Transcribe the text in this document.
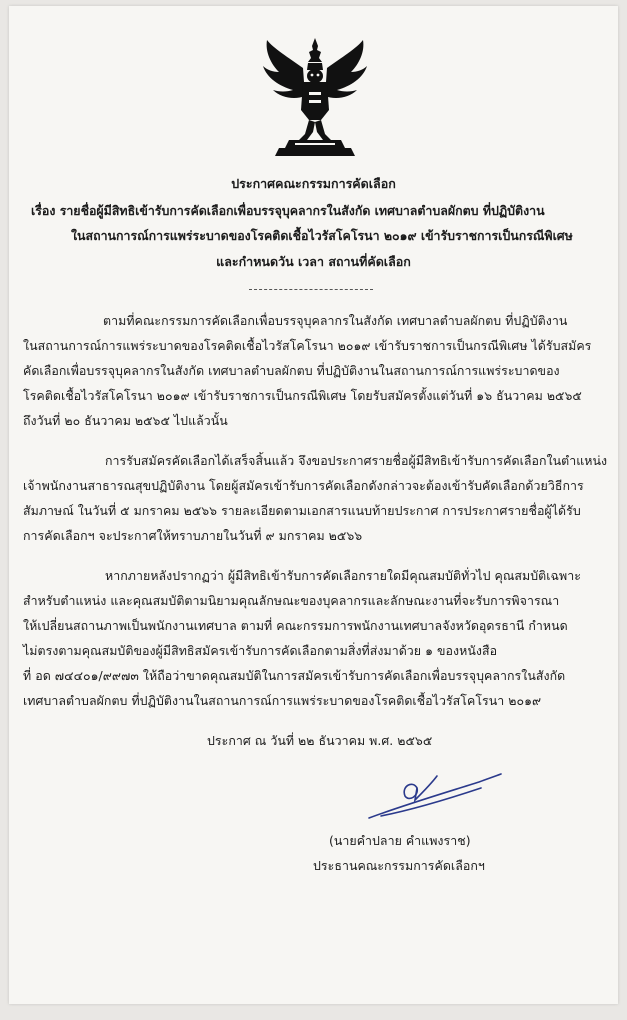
ประกาศคณะกรรมการคัดเลือก
เรื่อง รายชื่อผู้มีสิทธิเข้ารับการคัดเลือกเพื่อบรรจุบุคลากรในสังกัด เทศบาลตำบลผักตบ ที่ปฏิบัติงาน
ในสถานการณ์การแพร่ระบาดของโรคติดเชื้อไวรัสโคโรนา ๒๐๑๙ เข้ารับราชการเป็นกรณีพิเศษ
และกำหนดวัน เวลา สถานที่คัดเลือก
ตามที่คณะกรรมการคัดเลือกเพื่อบรรจุบุคลากรในสังกัด เทศบาลตำบลผักตบ ที่ปฏิบัติงาน
ในสถานการณ์การแพร่ระบาดของโรคติดเชื้อไวรัสโคโรนา ๒๐๑๙ เข้ารับราชการเป็นกรณีพิเศษ ได้รับสมัคร
คัดเลือกเพื่อบรรจุบุคลากรในสังกัด เทศบาลตำบลผักตบ ที่ปฏิบัติงานในสถานการณ์การแพร่ระบาดของ
โรคติดเชื้อไวรัสโคโรนา ๒๐๑๙ เข้ารับราชการเป็นกรณีพิเศษ โดยรับสมัครตั้งแต่วันที่ ๑๖ ธันวาคม ๒๕๖๕
ถึงวันที่ ๒๐ ธันวาคม ๒๕๖๕ ไปแล้วนั้น
การรับสมัครคัดเลือกได้เสร็จสิ้นแล้ว จึงขอประกาศรายชื่อผู้มีสิทธิเข้ารับการคัดเลือกในตำแหน่ง
เจ้าพนักงานสาธารณสุขปฏิบัติงาน โดยผู้สมัครเข้ารับการคัดเลือกดังกล่าวจะต้องเข้ารับคัดเลือกด้วยวิธีการ
สัมภาษณ์ ในวันที่ ๕ มกราคม ๒๕๖๖ รายละเอียดตามเอกสารแนบท้ายประกาศ การประกาศรายชื่อผู้ได้รับ
การคัดเลือกฯ จะประกาศให้ทราบภายในวันที่ ๙ มกราคม ๒๕๖๖
หากภายหลังปรากฏว่า ผู้มีสิทธิเข้ารับการคัดเลือกรายใดมีคุณสมบัติทั่วไป คุณสมบัติเฉพาะ
สำหรับตำแหน่ง และคุณสมบัติตามนิยามคุณลักษณะของบุคลากรและลักษณะงานที่จะรับการพิจารณา
ให้เปลี่ยนสถานภาพเป็นพนักงานเทศบาล ตามที่ คณะกรรมการพนักงานเทศบาลจังหวัดอุดรธานี กำหนด
ไม่ตรงตามคุณสมบัติของผู้มีสิทธิสมัครเข้ารับการคัดเลือกตามสิ่งที่ส่งมาด้วย ๑ ของหนังสือ
ที่ อด ๗๔๔๐๑/๙๙๗๓ ให้ถือว่าขาดคุณสมบัติในการสมัครเข้ารับการคัดเลือกเพื่อบรรจุบุคลากรในสังกัด
เทศบาลตำบลผักตบ ที่ปฏิบัติงานในสถานการณ์การแพร่ระบาดของโรคติดเชื้อไวรัสโคโรนา ๒๐๑๙
ประกาศ ณ วันที่ ๒๒ ธันวาคม พ.ศ. ๒๕๖๕
(นายคำปลาย คำแพงราช)
ประธานคณะกรรมการคัดเลือกฯ
